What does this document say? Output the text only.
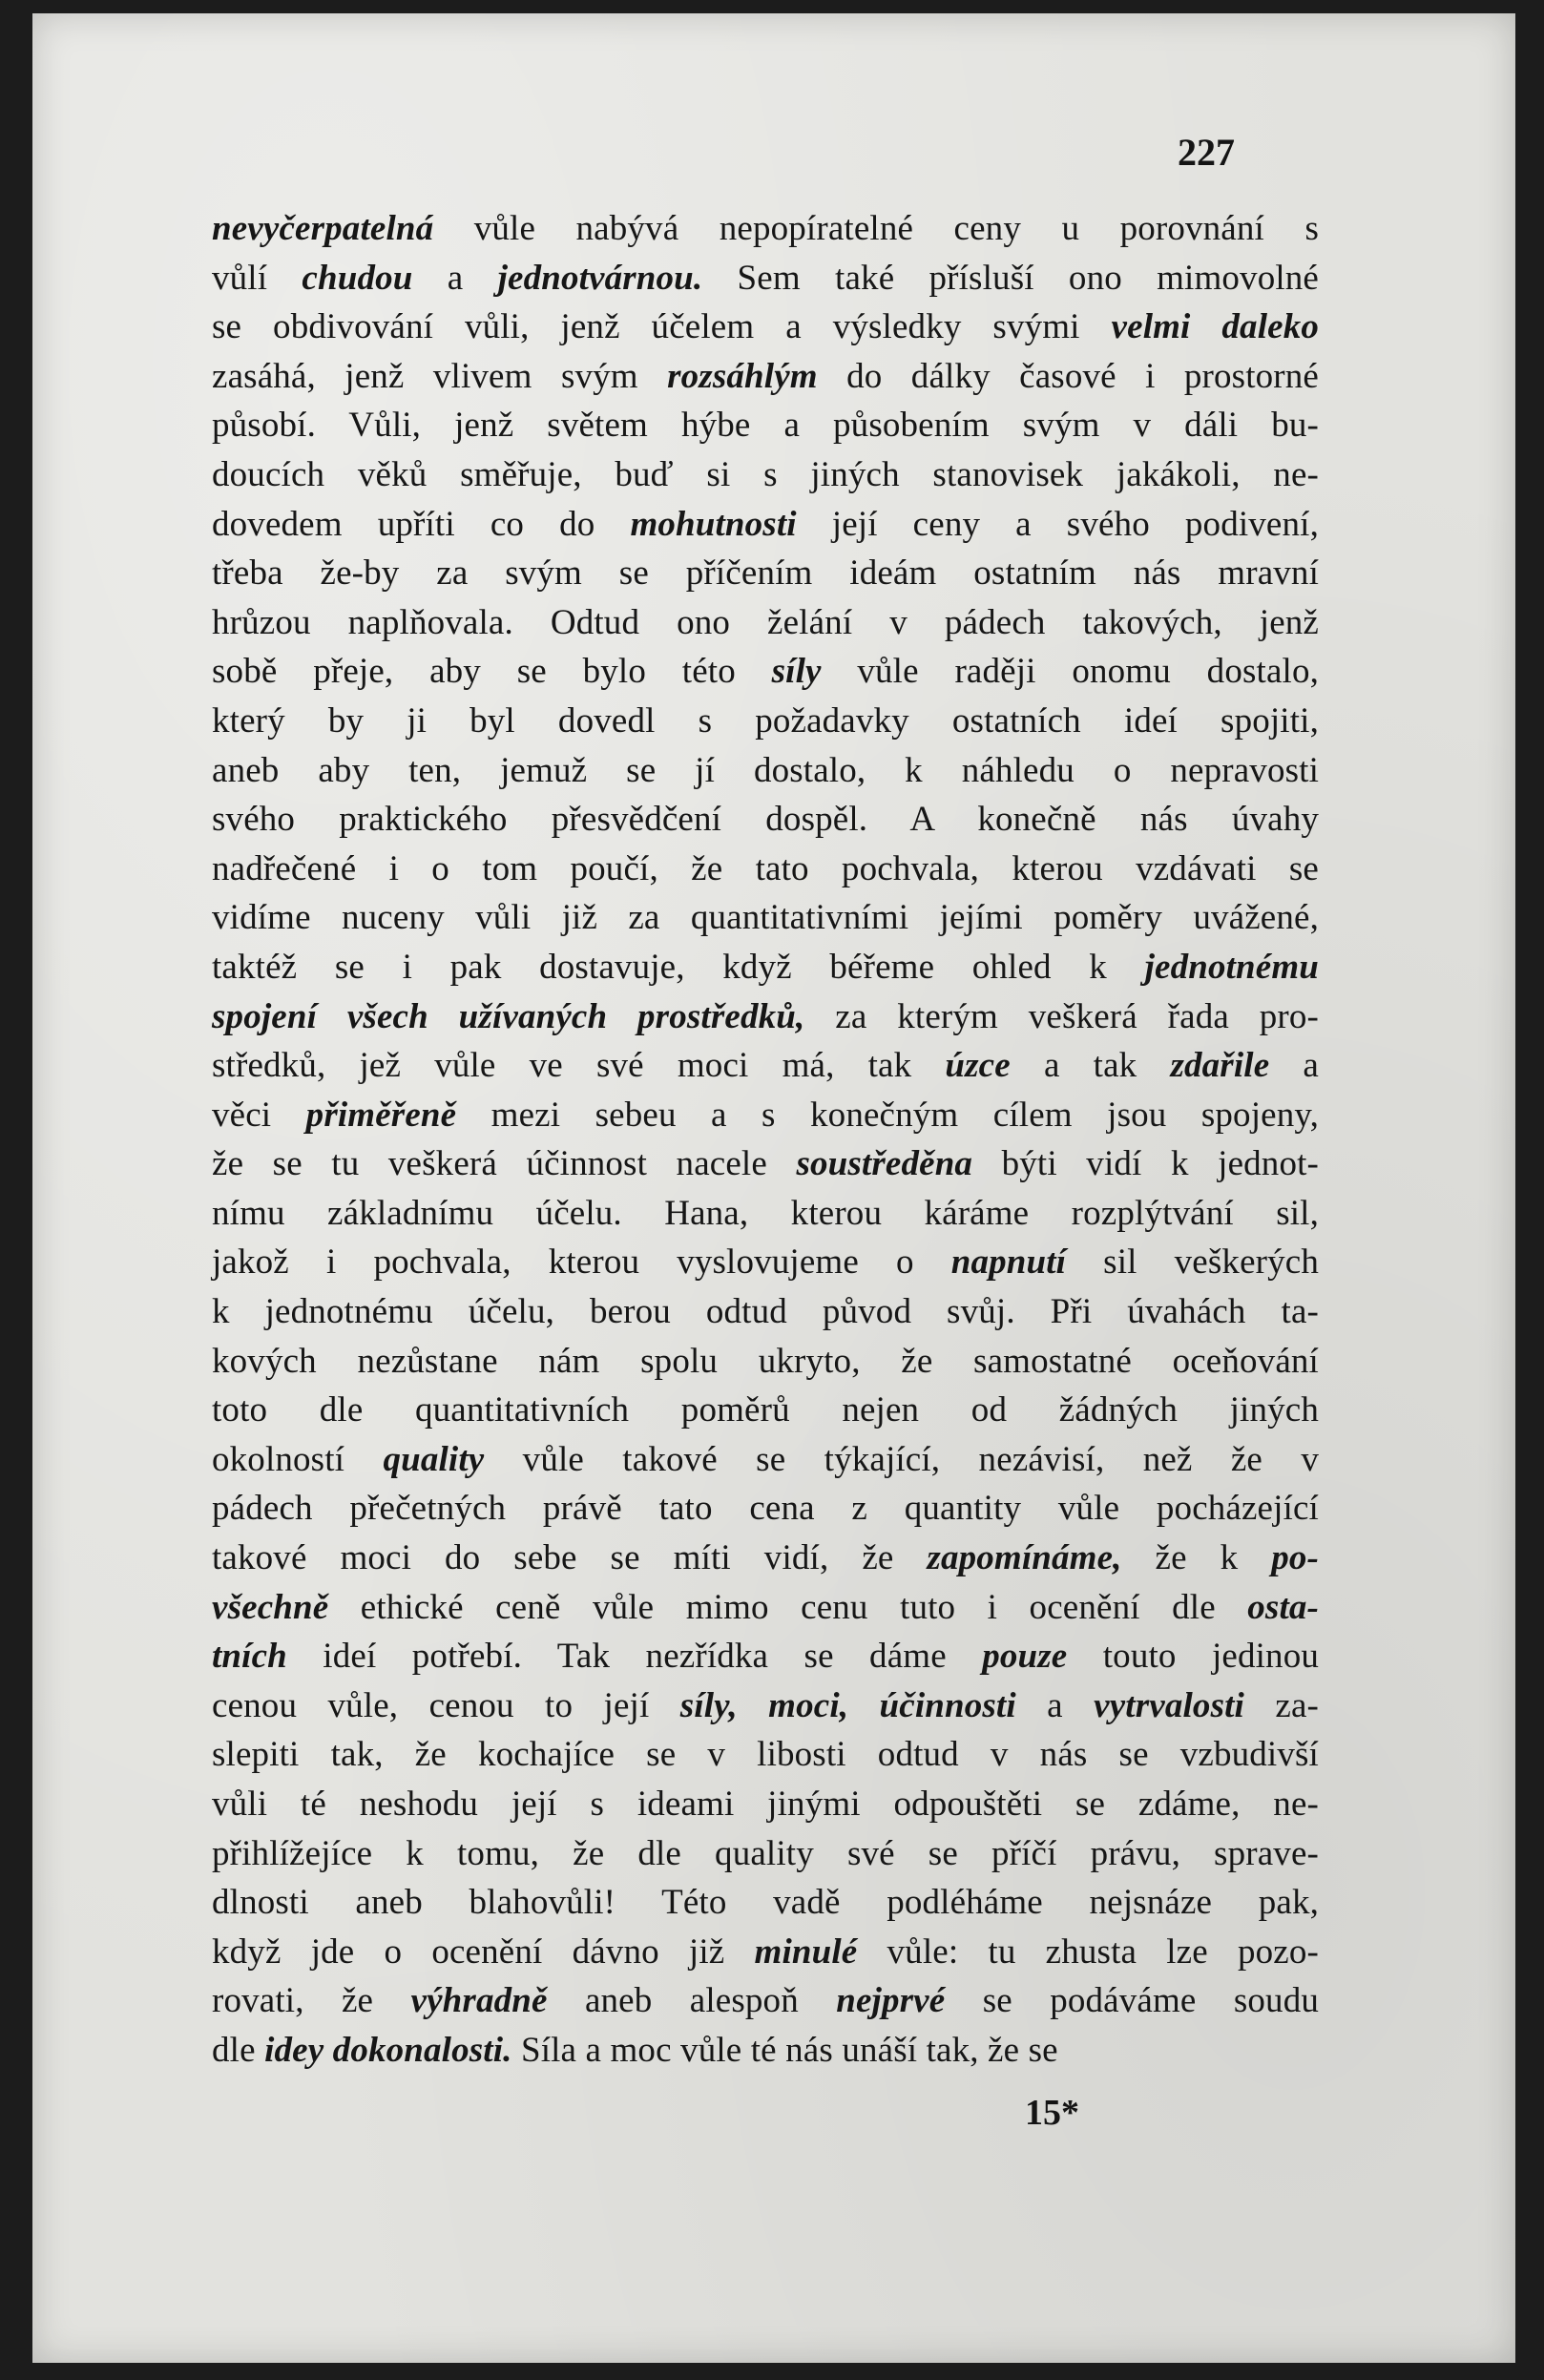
227

nevyčerpatelná vůle nabývá nepopíratelné ceny u porovnání s
vůlí chudou a jednotvárnou. Sem také přísluší ono mimovolné
se obdivování vůli, jenž účelem a výsledky svými velmi daleko
zasáhá, jenž vlivem svým rozsáhlým do dálky časové i prostorné
působí. Vůli, jenž světem hýbe a působením svým v dáli bu-
doucích věků směřuje, buď si s jiných stanovisek jakákoli, ne-
dovedem upříti co do mohutnosti její ceny a svého podivení,
třeba že-by za svým se příčením ideám ostatním nás mravní
hrůzou naplňovala. Odtud ono želání v pádech takových, jenž
sobě přeje, aby se bylo této síly vůle raději onomu dostalo,
který by ji byl dovedl s požadavky ostatních ideí spojiti,
aneb aby ten, jemuž se jí dostalo, k náhledu o nepravosti
svého praktického přesvědčení dospěl. A konečně nás úvahy
nadřečené i o tom poučí, že tato pochvala, kterou vzdávati se
vidíme nuceny vůli již za quantitativními jejími poměry uvážené,
taktéž se i pak dostavuje, když béřeme ohled k jednotnému
spojení všech užívaných prostředků, za kterým veškerá řada pro-
středků, jež vůle ve své moci má, tak úzce a tak zdařile a
věci přiměřeně mezi sebeu a s konečným cílem jsou spojeny,
že se tu veškerá účinnost nacele soustředěna býti vidí k jednot-
nímu základnímu účelu. Hana, kterou káráme rozplýtvání sil,
jakož i pochvala, kterou vyslovujeme o napnutí sil veškerých
k jednotnému účelu, berou odtud původ svůj. Při úvahách ta-
kových nezůstane nám spolu ukryto, že samostatné oceňování
toto dle quantitativních poměrů nejen od žádných jiných
okolností quality vůle takové se týkající, nezávisí, než že v
pádech přečetných právě tato cena z quantity vůle pocházející
takové moci do sebe se míti vidí, že zapomínáme, že k po-
všechně ethické ceně vůle mimo cenu tuto i ocenění dle osta-
tních ideí potřebí. Tak nezřídka se dáme pouze touto jedinou
cenou vůle, cenou to její síly, moci, účinnosti a vytrvalosti za-
slepiti tak, že kochajíce se v libosti odtud v nás se vzbudivší
vůli té neshodu její s ideami jinými odpouštěti se zdáme, ne-
přihlížejíce k tomu, že dle quality své se příčí právu, sprave-
dlnosti aneb blahovůli! Této vadě podléháme nejsnáze pak,
když jde o ocenění dávno již minulé vůle: tu zhusta lze pozo-
rovati, že výhradně aneb alespoň nejprvé se podáváme soudu
dle idey dokonalosti. Síla a moc vůle té nás unáší tak, že se

15*
